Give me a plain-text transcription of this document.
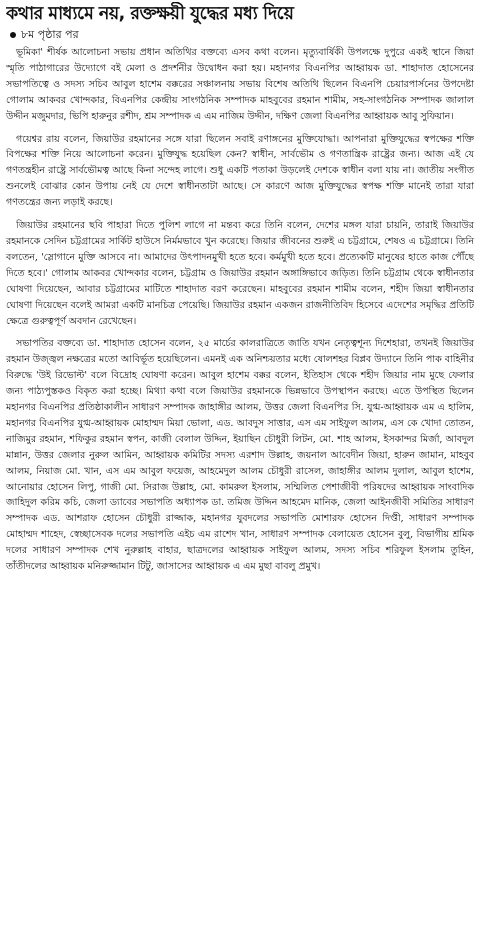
কথার মাধ্যমে নয়, রক্তক্ষয়ী যুদ্ধের মধ্য দিয়ে
৮ম পৃষ্ঠার পর

ভূমিকা' শীর্ষক আলোচনা সভায় প্রধান অতিথির বক্তব্যে এসব কথা বলেন। মৃত্যুবার্ষিকী উপলক্ষে দুপুরে একই স্থানে জিয়া স্মৃতি পাঠাগারের উদ্যোগে বই মেলা ও প্রদর্শনীর উদ্বোধন করা হয়। মহানগর বিএনপির আহ্বায়ক ডা. শাহাদাত হোসেনের সভাপতিত্বে ও সদস্য সচিব আবুল হাশেম বক্করের সঞ্চালনায় সভায় বিশেষ অতিথি ছিলেন বিএনপি চেয়ারপার্সনের উপদেষ্টা গোলাম আকবর খোন্দকার, বিএনপির কেন্দ্রীয় সাংগঠনিক সম্পাদক মাহবুবের রহমান শামীম, সহ-সাংগঠনিক সম্পাদক জালাল উদ্দীন মজুমদার, ভিপি হারুনুর রশীদ, শ্রম সম্পাদক এ এম নাজিম উদ্দীন, দক্ষিণ জেলা বিএনপির আহ্বায়ক আবু সুফিয়ান।

গয়েশ্বর রায় বলেন, জিয়াউর রহমানের সঙ্গে যারা ছিলেন সবাই রণাঙ্গনের মুক্তিযোদ্ধা। আপনারা মুক্তিযুদ্ধের স্বপক্ষের শক্তি বিপক্ষের শক্তি নিয়ে আলোচনা করেন। মুক্তিযুদ্ধ হয়েছিল কেন? স্বাধীন, সার্বভৌম ও গণতান্ত্রিক রাষ্ট্রের জন্য। আজ এই যে গণতন্ত্রহীন রাষ্ট্রে সার্বভৌমত্ব আছে কিনা সন্দেহ লাগে। শুধু একটি পতাকা উড়লেই দেশকে স্বাধীন বলা যায় না। জাতীয় সংগীত শুনলেই বোঝার কোন উপায় নেই যে দেশে স্বাধীনতাটা আছে। সে কারণে আজ মুক্তিযুদ্ধের স্বপক্ষ শক্তি মানেই তারা যারা গণতন্ত্রের জন্য লড়াই করছে।

জিয়াউর রহমানের ছবি পাহারা দিতে পুলিশ লাগে না মন্তব্য করে তিনি বলেন, দেশের মঙ্গল যারা চায়নি, তারাই জিয়াউর রহমানকে সেদিন চট্টগ্রামের সার্কিট হাউসে নির্মমভাবে খুন করেছে। জিয়ার জীবনের শুরুই এ চট্টগ্রামে, শেষও এ চট্টগ্রামে। তিনি বলতেন, 'স্লোগানে মুক্তি আসবে না। আমাদের উৎপাদনমুখী হতে হবে। কর্মমুখী হতে হবে। প্রত্যেকটি মানুষের হাতে কাজ পৌঁছে দিতে হবে।' গোলাম আকবর খোন্দকার বলেন, চট্টগ্রাম ও জিয়াউর রহমান অঙ্গাঙ্গিভাবে জড়িত। তিনি চট্টগ্রাম থেকে স্বাধীনতার ঘোষণা দিয়েছেন, আবার চট্টগ্রামের মাটিতে শাহাদাত বরণ করেছেন। মাহবুবের রহমান শামীম বলেন, শহীদ জিয়া স্বাধীনতার ঘোষণা দিয়েছেন বলেই আমরা একটি মানচিত্র পেয়েছি। জিয়াউর রহমান একজন রাজনীতিবিদ হিসেবে এদেশের সমৃদ্ধির প্রতিটি ক্ষেত্রে গুরুত্বপূর্ণ অবদান রেখেছেন।

সভাপতির বক্তব্যে ডা. শাহাদাত হোসেন বলেন, ২৫ মার্চের কালরাত্রিতে জাতি যখন নেতৃত্বশূন্য দিশেহারা, তখনই জিয়াউর রহমান উজ্জ্বল নক্ষত্রের মতো আবির্ভূত হয়েছিলেন। এমনই এক অনিশ্চয়তার মধ্যে ষোলশহর বিপ্লব উদ্যানে তিনি পাক বাহিনীর বিরুদ্ধে 'উই রিভোল্ট' বলে বিদ্রোহ ঘোষণা করেন। আবুল হাশেম বক্কর বলেন, ইতিহাস থেকে শহীদ জিয়ার নাম মুছে ফেলার জন্য পাঠ্যপুস্তকও বিকৃত করা হচ্ছে। মিথ্যা কথা বলে জিয়াউর রহমানকে ভিন্নভাবে উপস্থাপন করছে। এতে উপস্থিত ছিলেন মহানগর বিএনপির প্রতিষ্ঠাকালীন সাধারণ সম্পাদক জাহাঙ্গীর আলম, উত্তর জেলা বিএনপির সি. যুগ্ম-আহ্বায়ক এম এ হালিম, মহানগর বিএনপির যুগ্ম-আহ্বায়ক মোহাম্মদ মিয়া ভোলা, এড. আবদুস সাত্তার, এস এম সাইফুল আলম, এস কে খোদা তোতন, নাজিমুর রহমান, শফিকুর রহমান স্বপন, কাজী বেলাল উদ্দিন, ইয়াছিন চৌধুরী লিটন, মো. শাহ আলম, ইসকান্দর মির্জা, আবদুল মান্নান, উত্তর জেলার নুরুল আমিন, আহ্বায়ক কমিটির সদস্য এরশাদ উল্লাহ, জয়নাল আবেদীন জিয়া, হারুন জামান, মাহবুব আলম, নিয়াজ মো. খান, এস এম আবুল ফয়েজ, আহমেদুল আলম চৌধুরী রাসেল, জাহাঙ্গীর আলম দুলাল, আবুল হাশেম, আনোয়ার হোসেন লিপু, গাজী মো. সিরাজ উল্লাহ, মো. কামরুল ইসলাম, সম্মিলিত পেশাজীবী পরিষদের আহ্বায়ক সাংবাদিক জাহিদুল করিম কচি, জেলা ড্যাবের সভাপতি অধ্যাপক ডা. তমিজ উদ্দিন আহমেদ মানিক, জেলা আইনজীবী সমিতির সাধারণ সম্পাদক এড. আশরাফ হোসেন চৌধুরী রাজ্জাক, মহানগর যুবদলের সভাপতি মোশারফ হোসেন দিপ্তী, সাধারণ সম্পাদক মোহাম্মদ শাহেদ, স্বেচ্ছাসেবক দলের সভাপতি এইচ এম রাশেদ খান, সাধারণ সম্পাদক বেলায়েত হোসেন বুলু, বিভাগীয় শ্রমিক দলের সাধারণ সম্পাদক শেখ নুরুল্লাহ বাহার, ছাত্রদলের আহ্বায়ক সাইফুল আলম, সদস্য সচিব শরিফুল ইসলাম তুহিন, তাঁতীদলের আহ্বায়ক মনিরুজ্জামান টিটু, জাসাসের আহ্বায়ক এ এম মুছা বাবলু প্রমুখ।
